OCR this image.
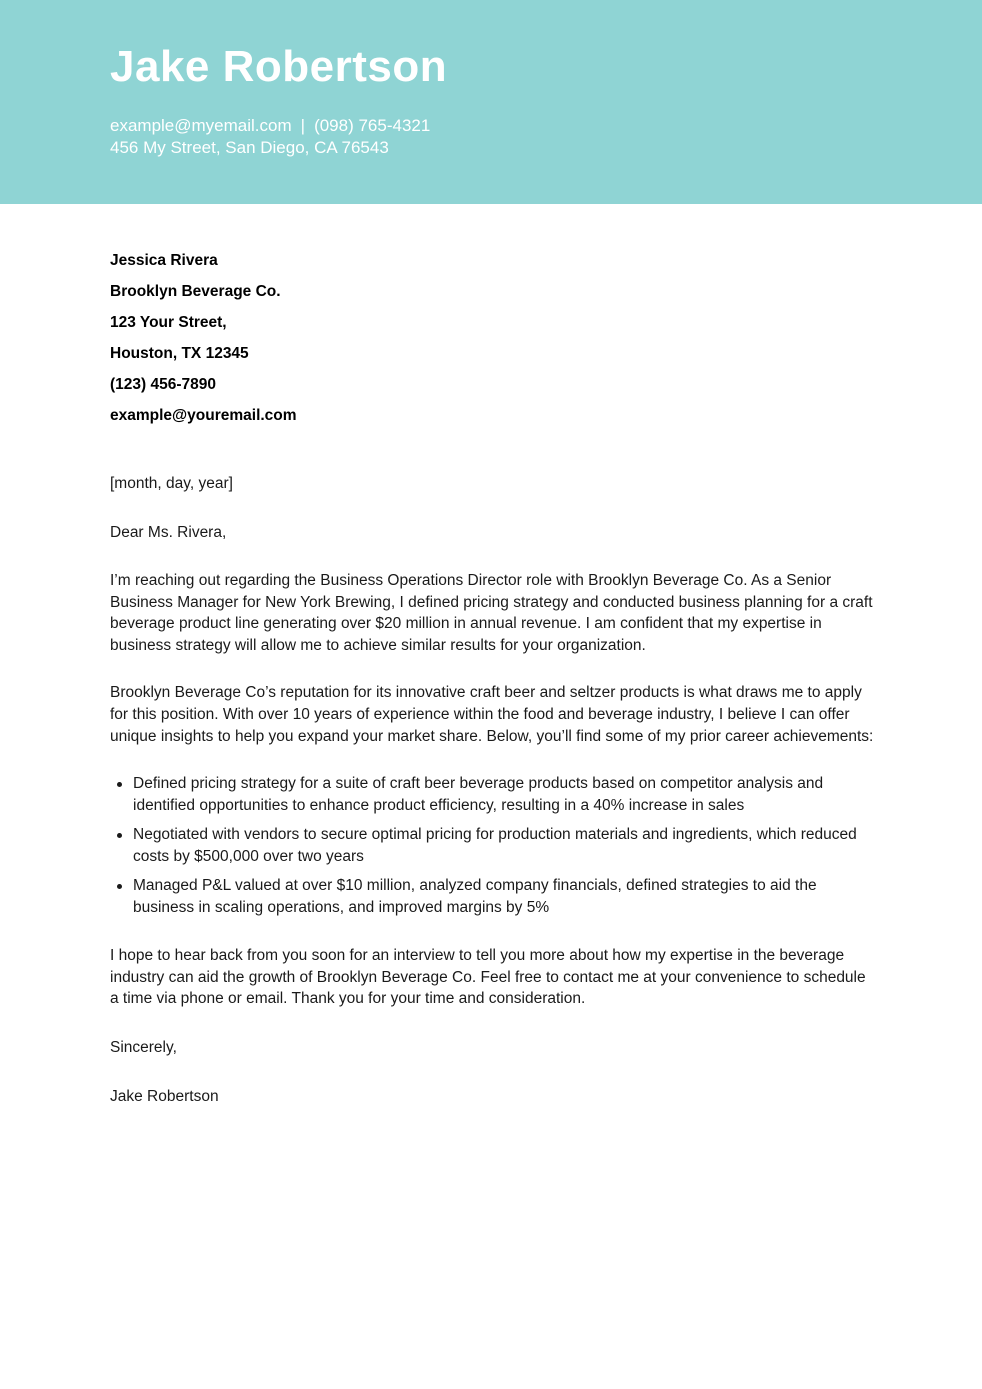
Jake Robertson
example@myemail.com | (098) 765-4321
456 My Street, San Diego, CA 76543
Jessica Rivera
Brooklyn Beverage Co.
123 Your Street,
Houston, TX 12345
(123) 456-7890
example@youremail.com
[month, day, year]
Dear Ms. Rivera,
I’m reaching out regarding the Business Operations Director role with Brooklyn Beverage Co. As a Senior Business Manager for New York Brewing, I defined pricing strategy and conducted business planning for a craft beverage product line generating over $20 million in annual revenue. I am confident that my expertise in business strategy will allow me to achieve similar results for your organization.
Brooklyn Beverage Co’s reputation for its innovative craft beer and seltzer products is what draws me to apply for this position. With over 10 years of experience within the food and beverage industry, I believe I can offer unique insights to help you expand your market share. Below, you’ll find some of my prior career achievements:
Defined pricing strategy for a suite of craft beer beverage products based on competitor analysis and identified opportunities to enhance product efficiency, resulting in a 40% increase in sales
Negotiated with vendors to secure optimal pricing for production materials and ingredients, which reduced costs by $500,000 over two years
Managed P&L valued at over $10 million, analyzed company financials, defined strategies to aid the business in scaling operations, and improved margins by 5%
I hope to hear back from you soon for an interview to tell you more about how my expertise in the beverage industry can aid the growth of Brooklyn Beverage Co. Feel free to contact me at your convenience to schedule a time via phone or email. Thank you for your time and consideration.
Sincerely,
Jake Robertson
